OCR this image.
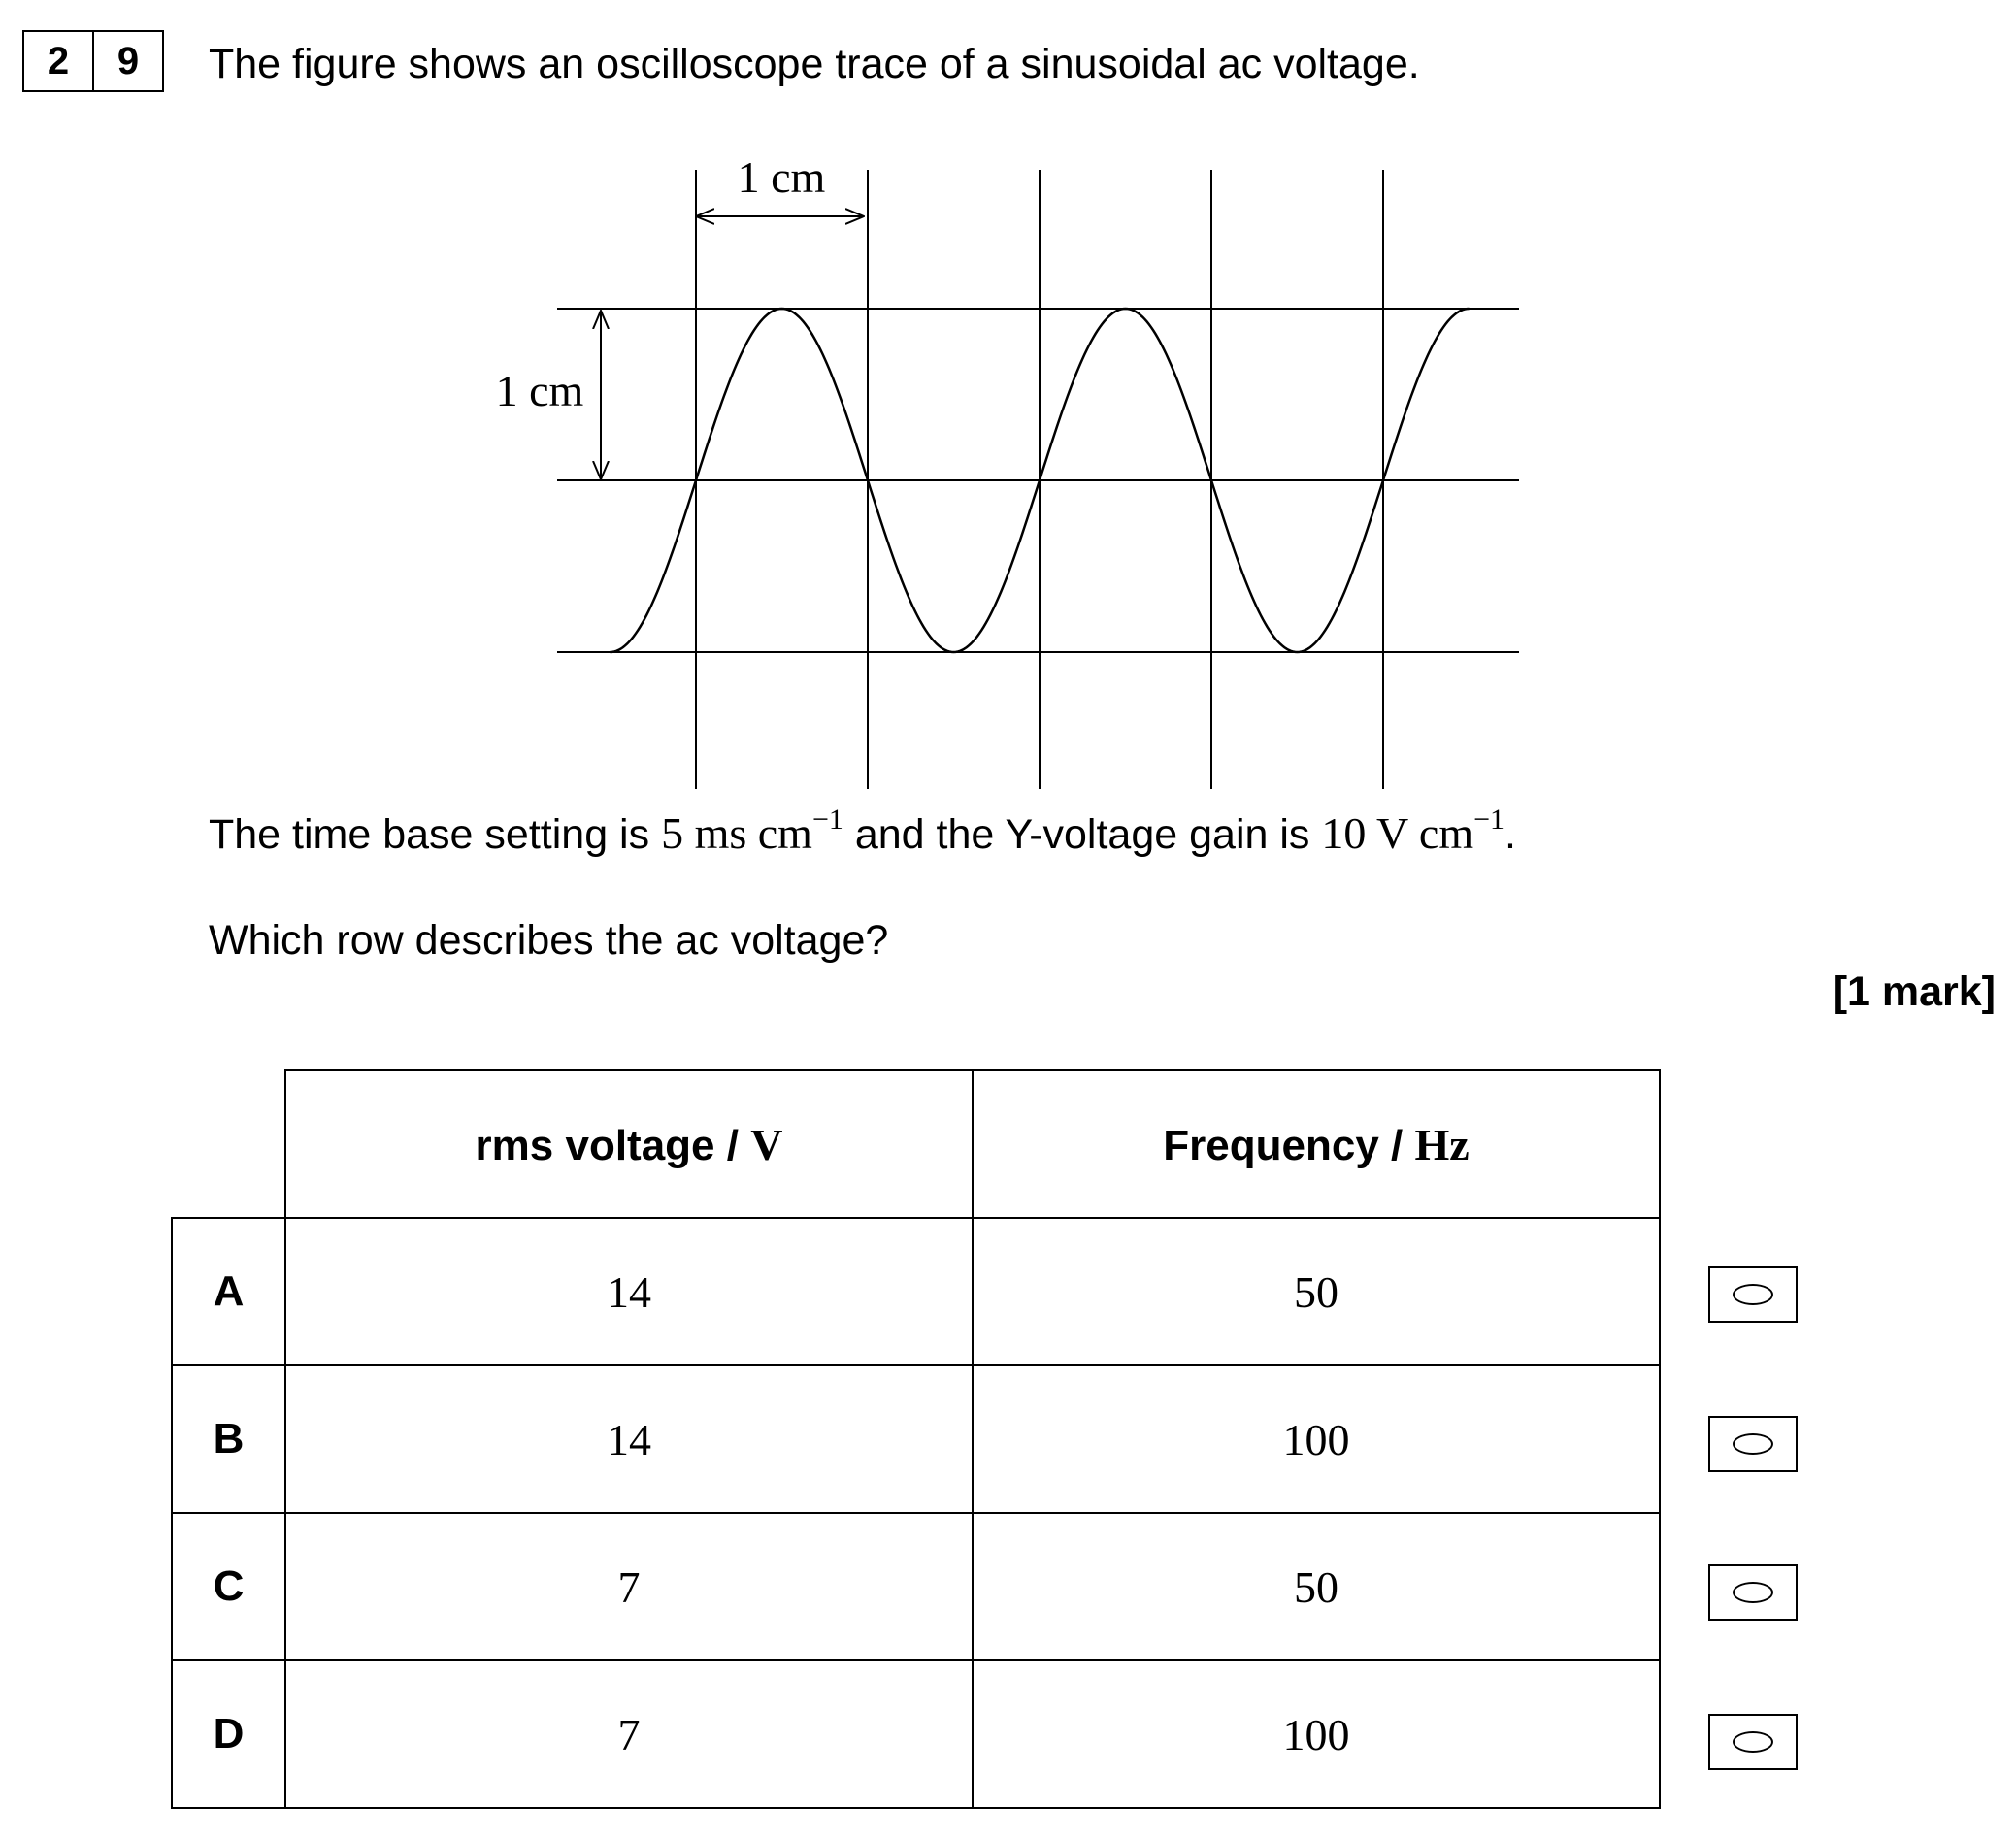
2	9	The figure shows an oscilloscope trace of a sinusoidal ac voltage.
1 cm
1 cm
The time base setting is 5 ms $cm^{-1}$ and the Y-voltage gain is 10 V $cm^{-1}$.
Which row describes the ac voltage?
[1 mark]
	rms voltage / V	Frequency / Hz
A	14	50
B	14	100
C	7	50
D	7	100
